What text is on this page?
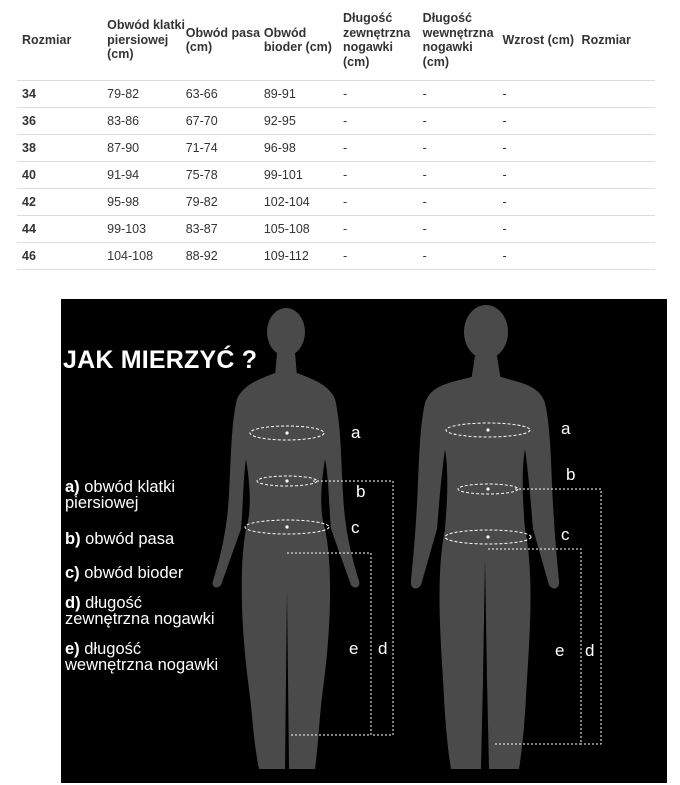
Rozmiar	Obwód klatki piersiowej (cm)	Obwód pasa (cm)	Obwód bioder (cm)	Długość zewnętrzna nogawki (cm)	Długość wewnętrzna nogawki (cm)	Wzrost (cm)	Rozmiar
34	79-82	63-66	89-91	-	-	-	
36	83-86	67-70	92-95	-	-	-	
38	87-90	71-74	96-98	-	-	-	
40	91-94	75-78	99-101	-	-	-	
42	95-98	79-82	102-104	-	-	-	
44	99-103	83-87	105-108	-	-	-	
46	104-108	88-92	109-112	-	-	-	
JAK MIERZYĆ ?
a) obwód klatki
piersiowej
b) obwód pasa
c) obwód bioder
d) długość
zewnętrzna nogawki
e) długość
wewnętrzna nogawki
a
b
c
e d
a
b
c
e d
